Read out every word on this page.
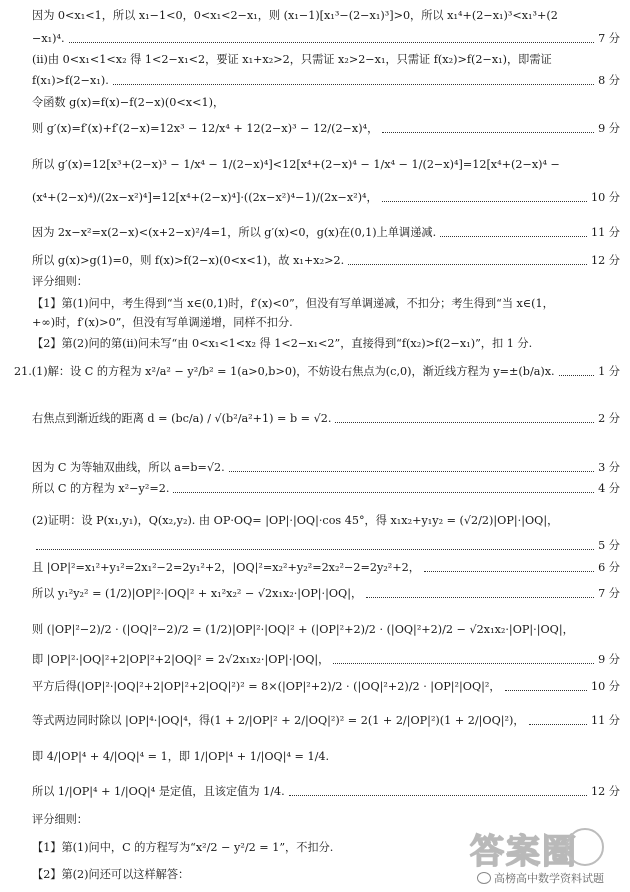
因为 0<x₁<1，所以 x₁−1<0，0<x₁<2−x₁，则 (x₁−1)[x₁³−(2−x₁)³]>0，所以 x₁⁴+(2−x₁)³<x₁³+(2
−x₁)⁴.	7 分
(ii)由 0<x₁<1<x₂ 得 1<2−x₁<2，要证 x₁+x₂>2，只需证 x₂>2−x₁，只需证 f(x₂)>f(2−x₁)，即需证
f(x₁)>f(2−x₁).	8 分
令函数 g(x)=f(x)−f(2−x)(0<x<1)，
则 g′(x)=f′(x)+f′(2−x)=12x³ − 12/x⁴ + 12(2−x)³ − 12/(2−x)⁴，	9 分
所以 g′(x)=12[x³+(2−x)³ − 1/x⁴ − 1/(2−x)⁴]<12[x⁴+(2−x)⁴ − 1/x⁴ − 1/(2−x)⁴]=12[x⁴+(2−x)⁴ −
(x⁴+(2−x)⁴)/(2x−x²)⁴]=12[x⁴+(2−x)⁴]·((2x−x²)⁴−1)/(2x−x²)⁴，	10 分
因为 2x−x²=x(2−x)<(x+2−x)²/4=1，所以 g′(x)<0，g(x)在(0,1)上单调递减.	11 分
所以 g(x)>g(1)=0，则 f(x)>f(2−x)(0<x<1)，故 x₁+x₂>2.	12 分
评分细则：
【1】第(1)问中，考生得到“当 x∈(0,1)时，f′(x)<0”，但没有写单调递减，不扣分；考生得到“当 x∈(1，
+∞)时，f′(x)>0”，但没有写单调递增，同样不扣分.
【2】第(2)问的第(ii)问未写“由 0<x₁<1<x₂ 得 1<2−x₁<2”，直接得到“f(x₂)>f(2−x₁)”，扣 1 分.
21.(1)解：设 C 的方程为 x²/a² − y²/b² = 1(a>0,b>0)，不妨设右焦点为(c,0)，渐近线方程为 y=±(b/a)x.	1 分
右焦点到渐近线的距离 d = (bc/a) / √(b²/a²+1) = b = √2.	2 分
因为 C 为等轴双曲线，所以 a=b=√2.	3 分
所以 C 的方程为 x²−y²=2.	4 分
(2)证明：设 P(x₁,y₁)，Q(x₂,y₂). 由 OP·OQ= |OP|·|OQ|·cos 45°，得 x₁x₂+y₁y₂ = (√2/2)|OP|·|OQ|，
5 分
且 |OP|²=x₁²+y₁²=2x₁²−2=2y₁²+2，|OQ|²=x₂²+y₂²=2x₂²−2=2y₂²+2，	6 分
所以 y₁²y₂² = (1/2)|OP|²·|OQ|² + x₁²x₂² − √2x₁x₂·|OP|·|OQ|，	7 分
则 (|OP|²−2)/2 · (|OQ|²−2)/2 = (1/2)|OP|²·|OQ|² + (|OP|²+2)/2 · (|OQ|²+2)/2 − √2x₁x₂·|OP|·|OQ|，
即 |OP|²·|OQ|²+2|OP|²+2|OQ|² = 2√2x₁x₂·|OP|·|OQ|，	9 分
平方后得(|OP|²·|OQ|²+2|OP|²+2|OQ|²)² = 8×(|OP|²+2)/2 · (|OQ|²+2)/2 · |OP|²|OQ|²，	10 分
等式两边同时除以 |OP|⁴·|OQ|⁴，得(1 + 2/|OP|² + 2/|OQ|²)² = 2(1 + 2/|OP|²)(1 + 2/|OQ|²)，	11 分
即 4/|OP|⁴ + 4/|OQ|⁴ = 1，即 1/|OP|⁴ + 1/|OQ|⁴ = 1/4.
所以 1/|OP|⁴ + 1/|OQ|⁴ 是定值，且该定值为 1/4.	12 分
评分细则：
【1】第(1)问中，C 的方程写为“x²/2 − y²/2 = 1”，不扣分.
【2】第(2)问还可以这样解答：
答案圈
高榜高中数学资料试题
